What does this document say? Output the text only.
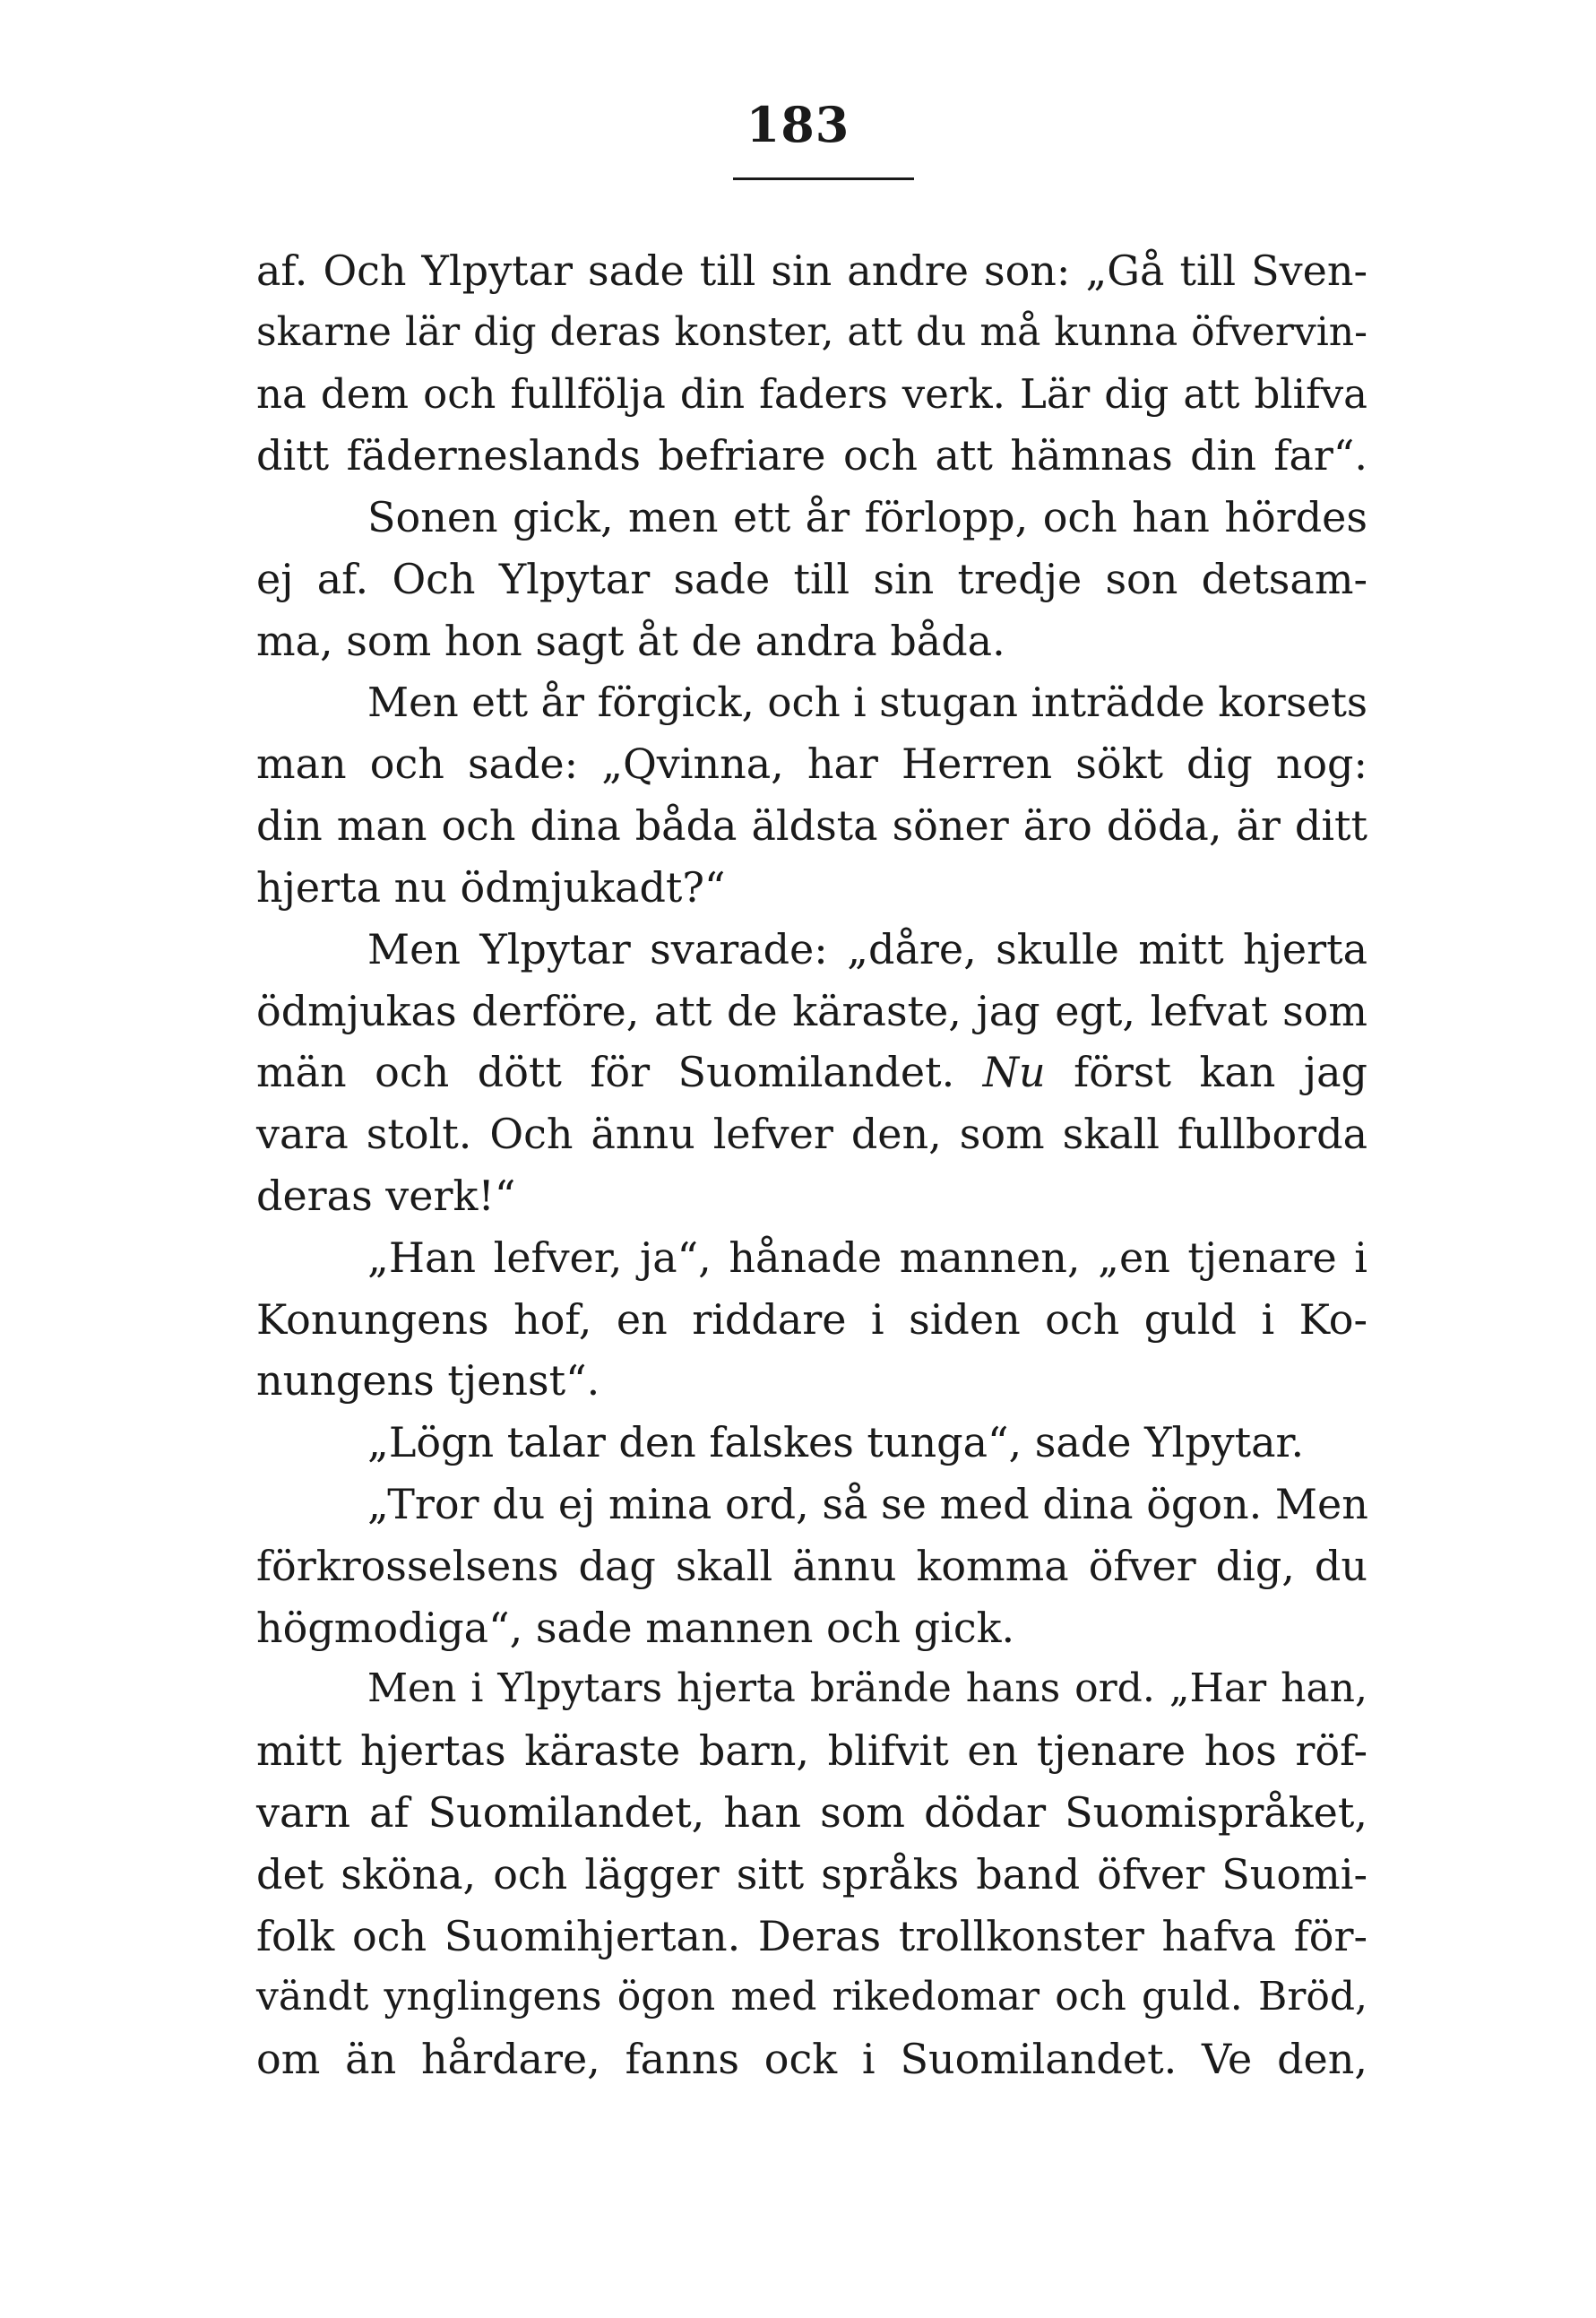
183
af. Och Ylpytar sade till sin andre son: „Gå till Sven-
skarne lär dig deras konster, att du må kunna öfvervin-
na dem och fullfölja din faders verk. Lär dig att blifva
ditt fäderneslands befriare och att hämnas din far“.
Sonen gick, men ett år förlopp, och han hördes
ej af. Och Ylpytar sade till sin tredje son detsam-
ma, som hon sagt åt de andra båda.
Men ett år förgick, och i stugan inträdde korsets
man och sade: „Qvinna, har Herren sökt dig nog:
din man och dina båda äldsta söner äro döda, är ditt
hjerta nu ödmjukadt?“
Men Ylpytar svarade: „dåre, skulle mitt hjerta
ödmjukas derföre, att de käraste, jag egt, lefvat som
män och dött för Suomilandet. Nu först kan jag
vara stolt. Och ännu lefver den, som skall fullborda
deras verk!“
„Han lefver, ja“, hånade mannen, „en tjenare i
Konungens hof, en riddare i siden och guld i Ko-
nungens tjenst“.
„Lögn talar den falskes tunga“, sade Ylpytar.
„Tror du ej mina ord, så se med dina ögon. Men
förkrosselsens dag skall ännu komma öfver dig, du
högmodiga“, sade mannen och gick.
Men i Ylpytars hjerta brände hans ord. „Har han,
mitt hjertas käraste barn, blifvit en tjenare hos röf-
varn af Suomilandet, han som dödar Suomispråket,
det sköna, och lägger sitt språks band öfver Suomi-
folk och Suomihjertan. Deras trollkonster hafva för-
vändt ynglingens ögon med rikedomar och guld. Bröd,
om än hårdare, fanns ock i Suomilandet. Ve den,
